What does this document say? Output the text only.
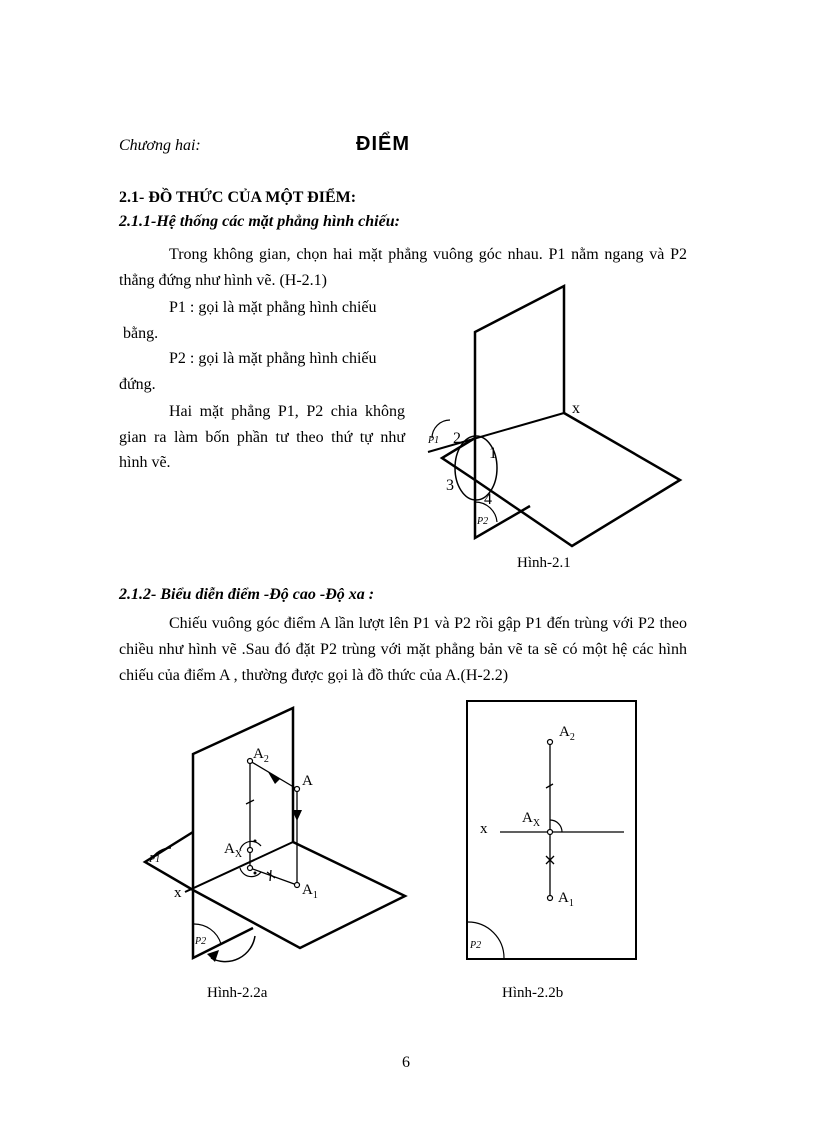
Chương hai:	ĐIỂM
2.1- ĐỒ THỨC CỦA MỘT ĐIỂM:
2.1.1-Hệ thống các mặt phẳng hình chiếu:
Trong không gian, chọn hai mặt phẳng vuông góc nhau. P1 nằm ngang và P2 thẳng đứng như hình vẽ. (H-2.1)
P1 : gọi là mặt phẳng hình chiếu
bằng.
P2 : gọi là mặt phẳng hình chiếu
đứng.
Hai mặt phẳng P1, P2 chia không gian ra làm bốn phần tư theo thứ tự như hình vẽ.
P1
P2
x
1
2
3
4
Hình-2.1
2.1.2- Biểu diễn điểm -Độ cao -Độ xa :
Chiếu vuông góc điểm A lần lượt lên P1 và P2 rồi gập P1 đến trùng với P2 theo chiều như hình vẽ .Sau đó đặt P2 trùng với mặt phẳng bản vẽ ta sẽ có một hệ các hình chiếu của điểm A , thường được gọi là đồ thức của A.(H-2.2)
P1
P2
$A_2$
A
$A_X$
$A_1$
x
Hình-2.2a
P2
$A_2$
$A_X$
$A_1$
x
Hình-2.2b
6
